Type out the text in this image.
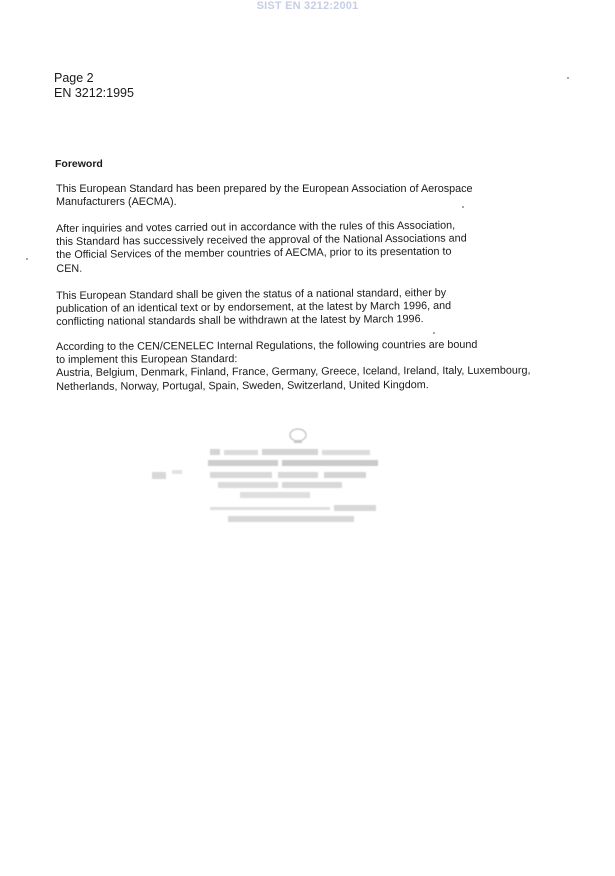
SIST EN 3212:2001
Page 2
EN 3212:1995
Foreword
This European Standard has been prepared by the European Association of Aerospace
Manufacturers (AECMA).
After inquiries and votes carried out in accordance with the rules of this Association,
this Standard has successively received the approval of the National Associations and
the Official Services of the member countries of AECMA, prior to its presentation to
CEN.
This European Standard shall be given the status of a national standard, either by
publication of an identical text or by endorsement, at the latest by March 1996, and
conflicting national standards shall be withdrawn at the latest by March 1996.
According to the CEN/CENELEC Internal Regulations, the following countries are bound
to implement this European Standard:
Austria, Belgium, Denmark, Finland, France, Germany, Greece, Iceland, Ireland, Italy, Luxembourg,
Netherlands, Norway, Portugal, Spain, Sweden, Switzerland, United Kingdom.
